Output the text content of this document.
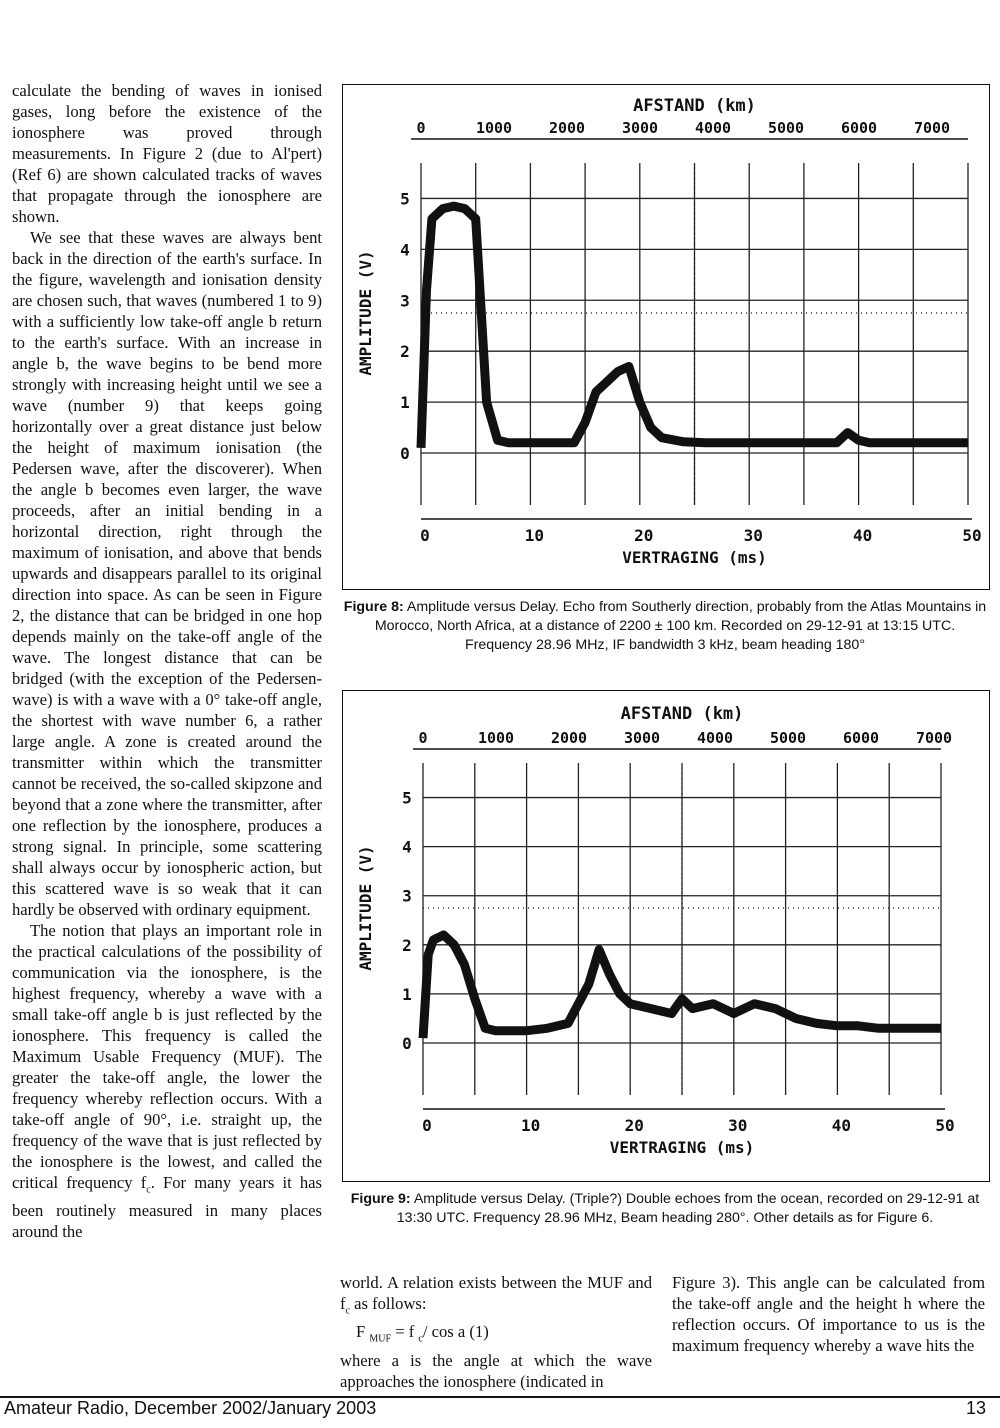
calculate the bending of waves in ionised gases, long before the existence of the ionosphere was proved through measurements. In Figure 2 (due to Al'pert) (Ref 6) are shown calculated tracks of waves that propagate through the ionosphere are shown.

We see that these waves are always bent back in the direction of the earth's surface. In the figure, wavelength and ionisation density are chosen such, that waves (numbered 1 to 9) with a sufficiently low take-off angle b return to the earth's surface. With an increase in angle b, the wave begins to be bend more strongly with increasing height until we see a wave (number 9) that keeps going horizontally over a great distance just below the height of maximum ionisation (the Pedersen wave, after the discoverer). When the angle b becomes even larger, the wave proceeds, after an initial bending in a horizontal direction, right through the maximum of ionisation, and above that bends upwards and disappears parallel to its original direction into space. As can be seen in Figure 2, the distance that can be bridged in one hop depends mainly on the take-off angle of the wave. The longest distance that can be bridged (with the exception of the Pedersen-wave) is with a wave with a 0° take-off angle, the shortest with wave number 6, a rather large angle. A zone is created around the transmitter within which the transmitter cannot be received, the so-called skipzone and beyond that a zone where the transmitter, after one reflection by the ionosphere, produces a strong signal. In principle, some scattering shall always occur by ionospheric action, but this scattered wave is so weak that it can hardly be observed with ordinary equipment.

The notion that plays an important role in the practical calculations of the possibility of communication via the ionosphere, is the highest frequency, whereby a wave with a small take-off angle b is just reflected by the ionosphere. This frequency is called the Maximum Usable Frequency (MUF). The greater the take-off angle, the lower the frequency whereby reflection occurs. With a take-off angle of 90°, i.e. straight up, the frequency of the wave that is just reflected by the ionosphere is the lowest, and called the critical frequency $f_c$. For many years it has been routinely measured in many places around the

world. A relation exists between the MUF and $f_c$ as follows:

F $_{MUF}$ = f $_c$/ cos a (1)

where a is the angle at which the wave approaches the ionosphere (indicated in

Figure 3). This angle can be calculated from the take-off angle and the height h where the reflection occurs. Of importance to us is the maximum frequency whereby a wave hits the

AFSTAND (km)
0	1000 2000 3000 4000 5000 6000 7000
0
1
2
3
4
5
AMPLITUDE (V)
0	10	20	30	40	50
VERTRAGING (ms)
Figure 8: Amplitude versus Delay. Echo from Southerly direction, probably from the Atlas Mountains in Morocco, North Africa, at a distance of 2200 ± 100 km. Recorded on 29-12-91 at 13:15 UTC. Frequency 28.96 MHz, IF bandwidth 3 kHz, beam heading 180°
AFSTAND (km)
0	1000 2000 3000 4000 5000 6000 7000
0
1
2
3
4
5
AMPLITUDE (V)
0	10	20	30	40	50
VERTRAGING (ms)
Figure 9: Amplitude versus Delay. (Triple?) Double echoes from the ocean, recorded on 29-12-91 at 13:30 UTC. Frequency 28.96 MHz, Beam heading 280°. Other details as for Figure 6.
Amateur Radio, December 2002/January 2003	13
